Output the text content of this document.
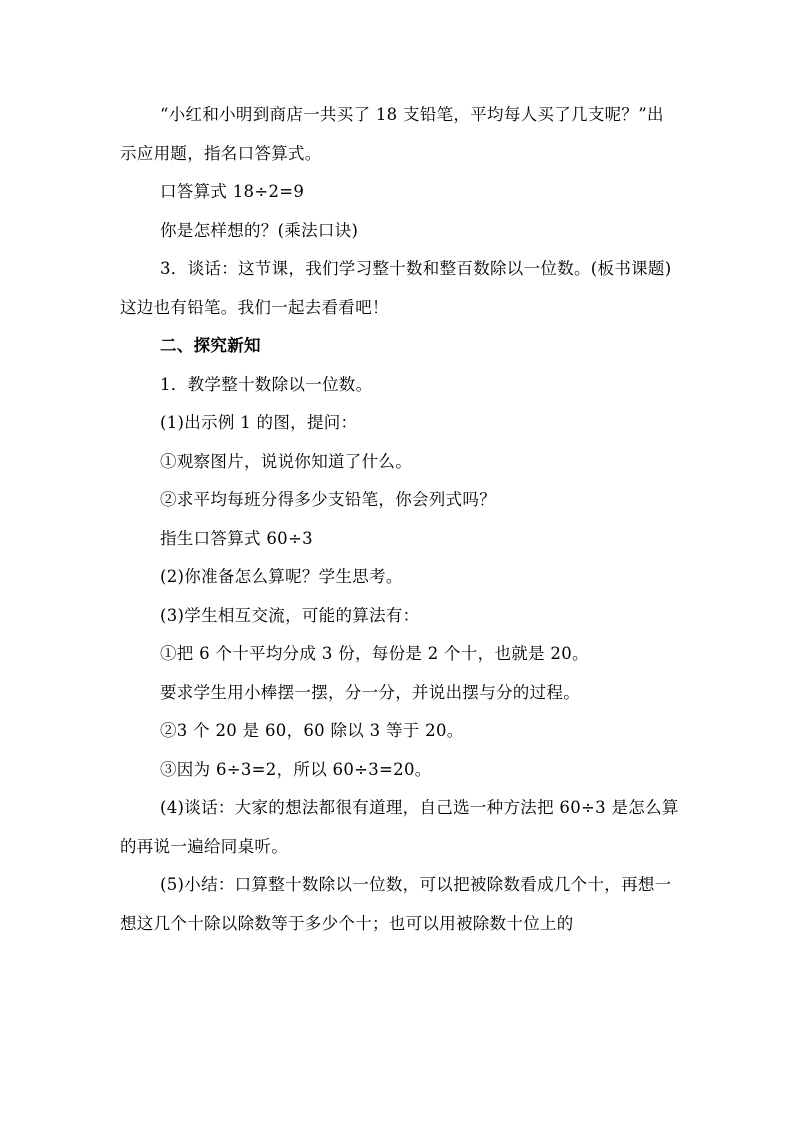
“小红和小明到商店一共买了 18 支铅笔，平均每人买了几支呢？”出示应用题，指名口答算式。

口答算式 18÷2=9

你是怎样想的？(乘法口诀)

3．谈话：这节课，我们学习整十数和整百数除以一位数。(板书课题)这边也有铅笔。我们一起去看看吧！

二、探究新知

1．教学整十数除以一位数。

(1)出示例 1 的图，提问：

①观察图片，说说你知道了什么。

②求平均每班分得多少支铅笔，你会列式吗？

指生口答算式 60÷3

(2)你准备怎么算呢？学生思考。

(3)学生相互交流，可能的算法有：

①把 6 个十平均分成 3 份，每份是 2 个十，也就是 20。

要求学生用小棒摆一摆，分一分，并说出摆与分的过程。

②3 个 20 是 60，60 除以 3 等于 20。

③因为 6÷3=2，所以 60÷3=20。

(4)谈话：大家的想法都很有道理，自己选一种方法把 60÷3 是怎么算的再说一遍给同桌听。

(5)小结：口算整十数除以一位数，可以把被除数看成几个十，再想一想这几个十除以除数等于多少个十；也可以用被除数十位上的
